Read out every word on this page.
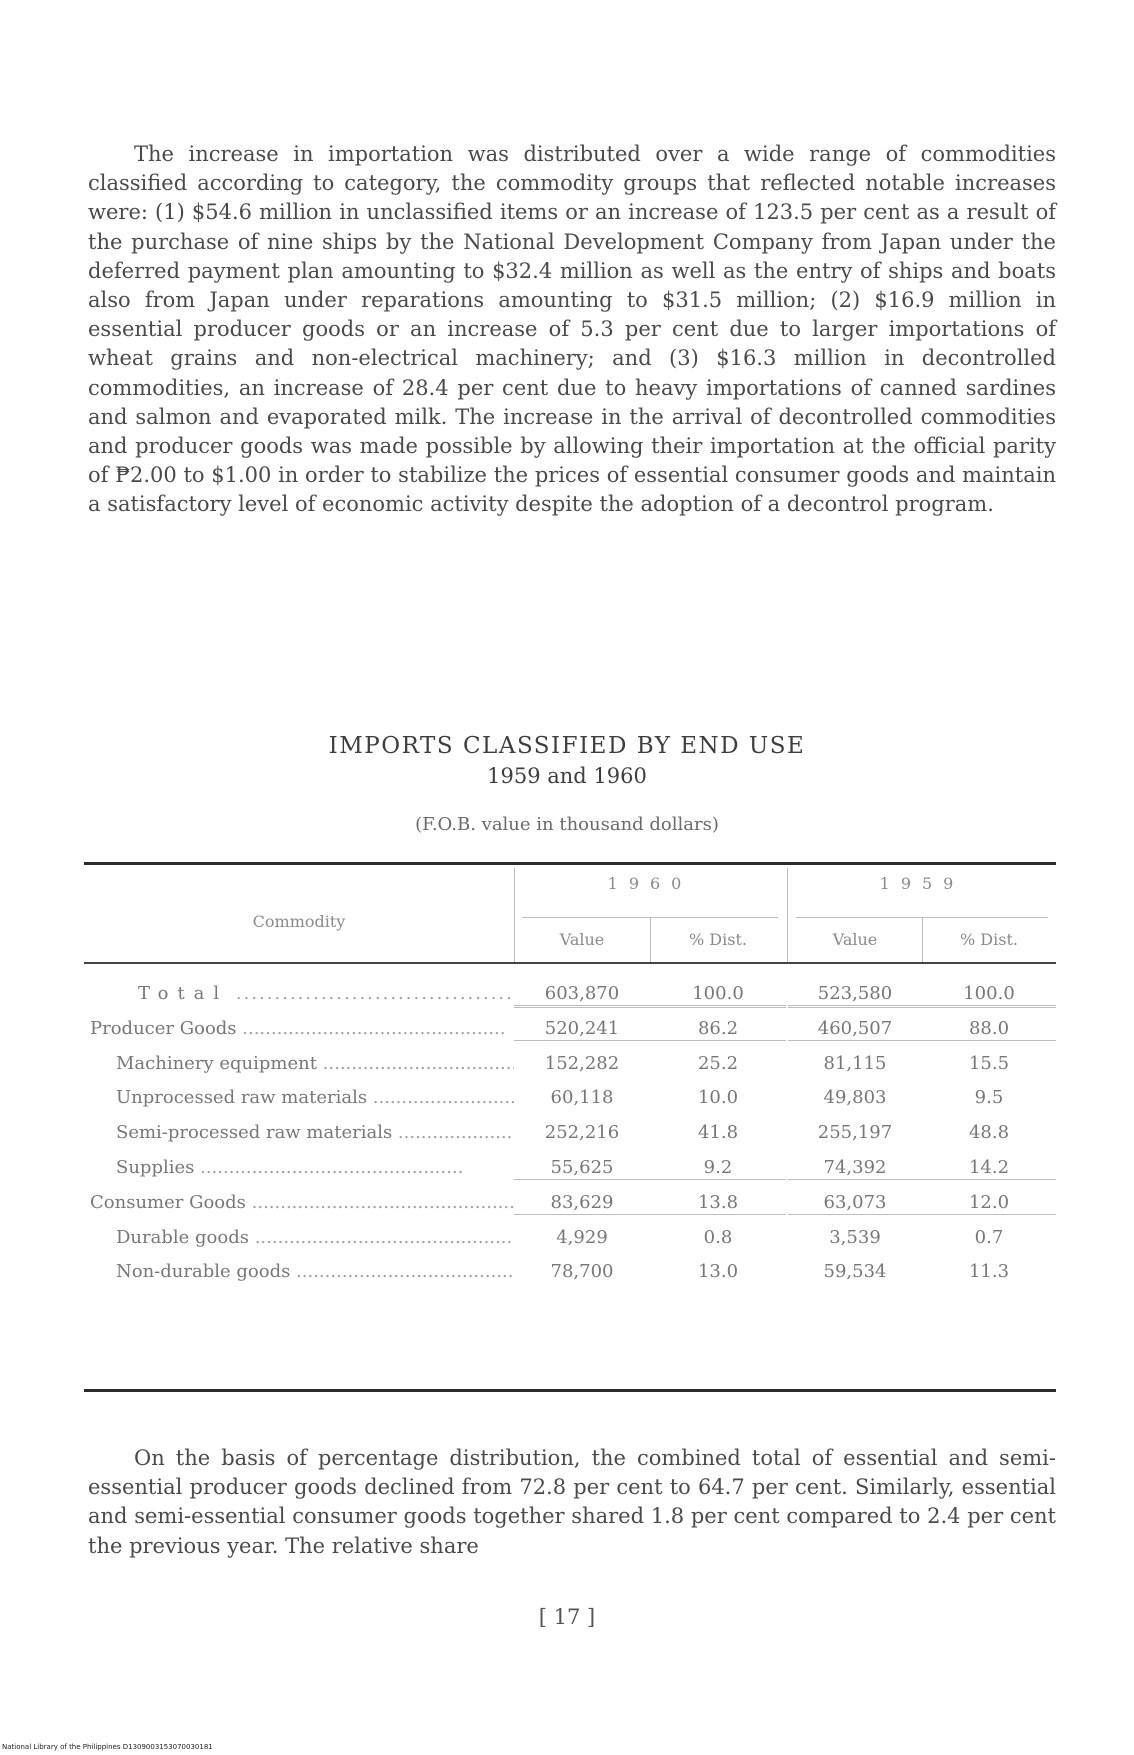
The increase in importation was distributed over a wide range of commodities classified according to category, the commodity groups that reflected notable increases were: (1) $54.6 million in unclassified items or an increase of 123.5 per cent as a result of the purchase of nine ships by the National Development Company from Japan under the deferred payment plan amounting to $32.4 million as well as the entry of ships and boats also from Japan under reparations amounting to $31.5 million; (2) $16.9 million in essential producer goods or an increase of 5.3 per cent due to larger importations of wheat grains and non-electrical machinery; and (3) $16.3 million in decontrolled commodities, an increase of 28.4 per cent due to heavy importations of canned sardines and salmon and evaporated milk. The increase in the arrival of decontrolled commodities and producer goods was made possible by allowing their importation at the official parity of ₱2.00 to $1.00 in order to stabilize the prices of essential consumer goods and maintain a satisfactory level of economic activity despite the adoption of a decontrol program.

IMPORTS CLASSIFIED BY END USE
1959 and 1960
(F.O.B. value in thousand dollars)
Commodity
1960	1959
Value	% Dist.	Value	% Dist.
Total .....	603,870	100.0	523,580	100.0
Producer Goods .....	520,241	86.2	460,507	88.0
Machinery equipment .....	152,282	25.2	81,115	15.5
Unprocessed raw materials .....	60,118	10.0	49,803	9.5
Semi-processed raw materials .....	252,216	41.8	255,197	48.8
Supplies .....	55,625	9.2	74,392	14.2
Consumer Goods .....	83,629	13.8	63,073	12.0
Durable goods .....	4,929	0.8	3,539	0.7
Non-durable goods .....	78,700	13.0	59,534	11.3

On the basis of percentage distribution, the combined total of essential and semi-essential producer goods declined from 72.8 per cent to 64.7 per cent. Similarly, essential and semi-essential consumer goods together shared 1.8 per cent compared to 2.4 per cent the previous year. The relative share

[ 17 ]
National Library of the Philippines D1309003153070030181
